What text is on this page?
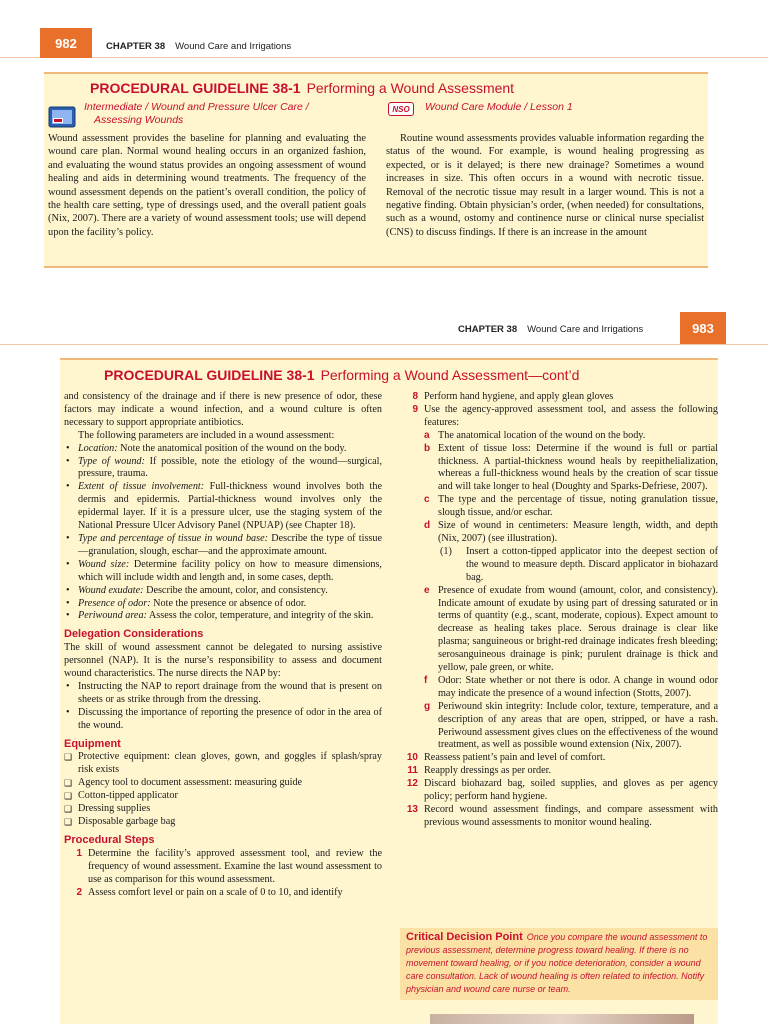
982	CHAPTER 38 Wound Care and Irrigations
PROCEDURAL GUIDELINE 38-1 Performing a Wound Assessment
Intermediate / Wound and Pressure Ulcer Care /
Assessing Wounds
NSO	Wound Care Module / Lesson 1

Wound assessment provides the baseline for planning and evaluating the wound care plan. Normal wound healing occurs in an organized fashion, and evaluating the wound status provides an ongoing assessment of wound healing and aids in determining wound treatments. The frequency of the wound assessment depends on the patient’s overall condition, the policy of the health care setting, type of dressings used, and the overall patient goals (Nix, 2007). There are a variety of wound assessment tools; use will depend upon the facility’s policy.

Routine wound assessments provides valuable information regarding the status of the wound. For example, is wound healing progressing as expected, or is it delayed; is there new drainage? Sometimes a wound increases in size. This often occurs in a wound with necrotic tissue. Removal of the necrotic tissue may result in a larger wound. This is not a negative finding. Obtain physician’s order, (when needed) for consultations, such as a wound, ostomy and continence nurse or clinical nurse specialist (CNS) to discuss findings. If there is an increase in the amount

CHAPTER 38 Wound Care and Irrigations	983
PROCEDURAL GUIDELINE 38-1 Performing a Wound Assessment—cont’d

and consistency of the drainage and if there is new presence of odor, these factors may indicate a wound infection, and a wound culture is often necessary to support appropriate antibiotics.

The following parameters are included in a wound assessment:

• Location: Note the anatomical position of the wound on the body.
• Type of wound: If possible, note the etiology of the wound—surgical, pressure, trauma.
• Extent of tissue involvement: Full-thickness wound involves both the dermis and epidermis. Partial-thickness wound involves only the epidermal layer. If it is a pressure ulcer, use the staging system of the National Pressure Ulcer Advisory Panel (NPUAP) (see Chapter 18).
• Type and percentage of tissue in wound base: Describe the type of tissue—granulation, slough, eschar—and the approximate amount.
• Wound size: Determine facility policy on how to measure dimensions, which will include width and length and, in some cases, depth.
• Wound exudate: Describe the amount, color, and consistency.
• Presence of odor: Note the presence or absence of odor.
• Periwound area: Assess the color, temperature, and integrity of the skin.
Delegation Considerations

The skill of wound assessment cannot be delegated to nursing assistive personnel (NAP). It is the nurse’s responsibility to assess and document wound characteristics. The nurse directs the NAP by:

• Instructing the NAP to report drainage from the wound that is present on sheets or as strike through from the dressing.
• Discussing the importance of reporting the presence of odor in the area of the wound.
Equipment
❑ Protective equipment: clean gloves, gown, and goggles if splash/spray risk exists
❑ Agency tool to document assessment: measuring guide
❑ Cotton-tipped applicator
❑ Dressing supplies
❑ Disposable garbage bag
Procedural Steps
1 Determine the facility’s approved assessment tool, and review the frequency of wound assessment. Examine the last wound assessment to use as comparison for this wound assessment.
2 Assess comfort level or pain on a scale of 0 to 10, and identify
8 Perform hand hygiene, and apply glean gloves
9 Use the agency-approved assessment tool, and assess the following features:
a The anatomical location of the wound on the body.
b Extent of tissue loss: Determine if the wound is full or partial thickness. A partial-thickness wound heals by reepithelialization, whereas a full-thickness wound heals by the creation of scar tissue and will take longer to heal (Doughty and Sparks-Defriese, 2007).
c The type and the percentage of tissue, noting granulation tissue, slough tissue, and/or eschar.
d Size of wound in centimeters: Measure length, width, and depth (Nix, 2007) (see illustration).
(1) Insert a cotton-tipped applicator into the deepest section of the wound to measure depth. Discard applicator in biohazard bag.
e Presence of exudate from wound (amount, color, and consistency). Indicate amount of exudate by using part of dressing saturated or in terms of quantity (e.g., scant, moderate, copious). Expect amount to decrease as healing takes place. Serous drainage is clear like plasma; sanguineous or bright-red drainage indicates fresh bleeding; serosanguineous drainage is pink; purulent drainage is thick and yellow, pale green, or white.
f Odor: State whether or not there is odor. A change in wound odor may indicate the presence of a wound infection (Stotts, 2007).
g Periwound skin integrity: Include color, texture, temperature, and a description of any areas that are open, stripped, or have a rash. Periwound assessment gives clues on the effectiveness of the wound treatment, as well as possible wound extension (Nix, 2007).
10 Reassess patient’s pain and level of comfort.
11 Reapply dressings as per order.
12 Discard biohazard bag, soiled supplies, and gloves as per agency policy; perform hand hygiene.
13 Record wound assessment findings, and compare assessment with previous wound assessments to monitor wound healing.
Critical Decision Point Once you compare the wound assessment to previous assessment, determine progress toward healing. If there is no movement toward healing, or if you notice deterioration, consider a wound care consultation. Lack of wound healing is often related to infection. Notify physician and wound care nurse or team.
